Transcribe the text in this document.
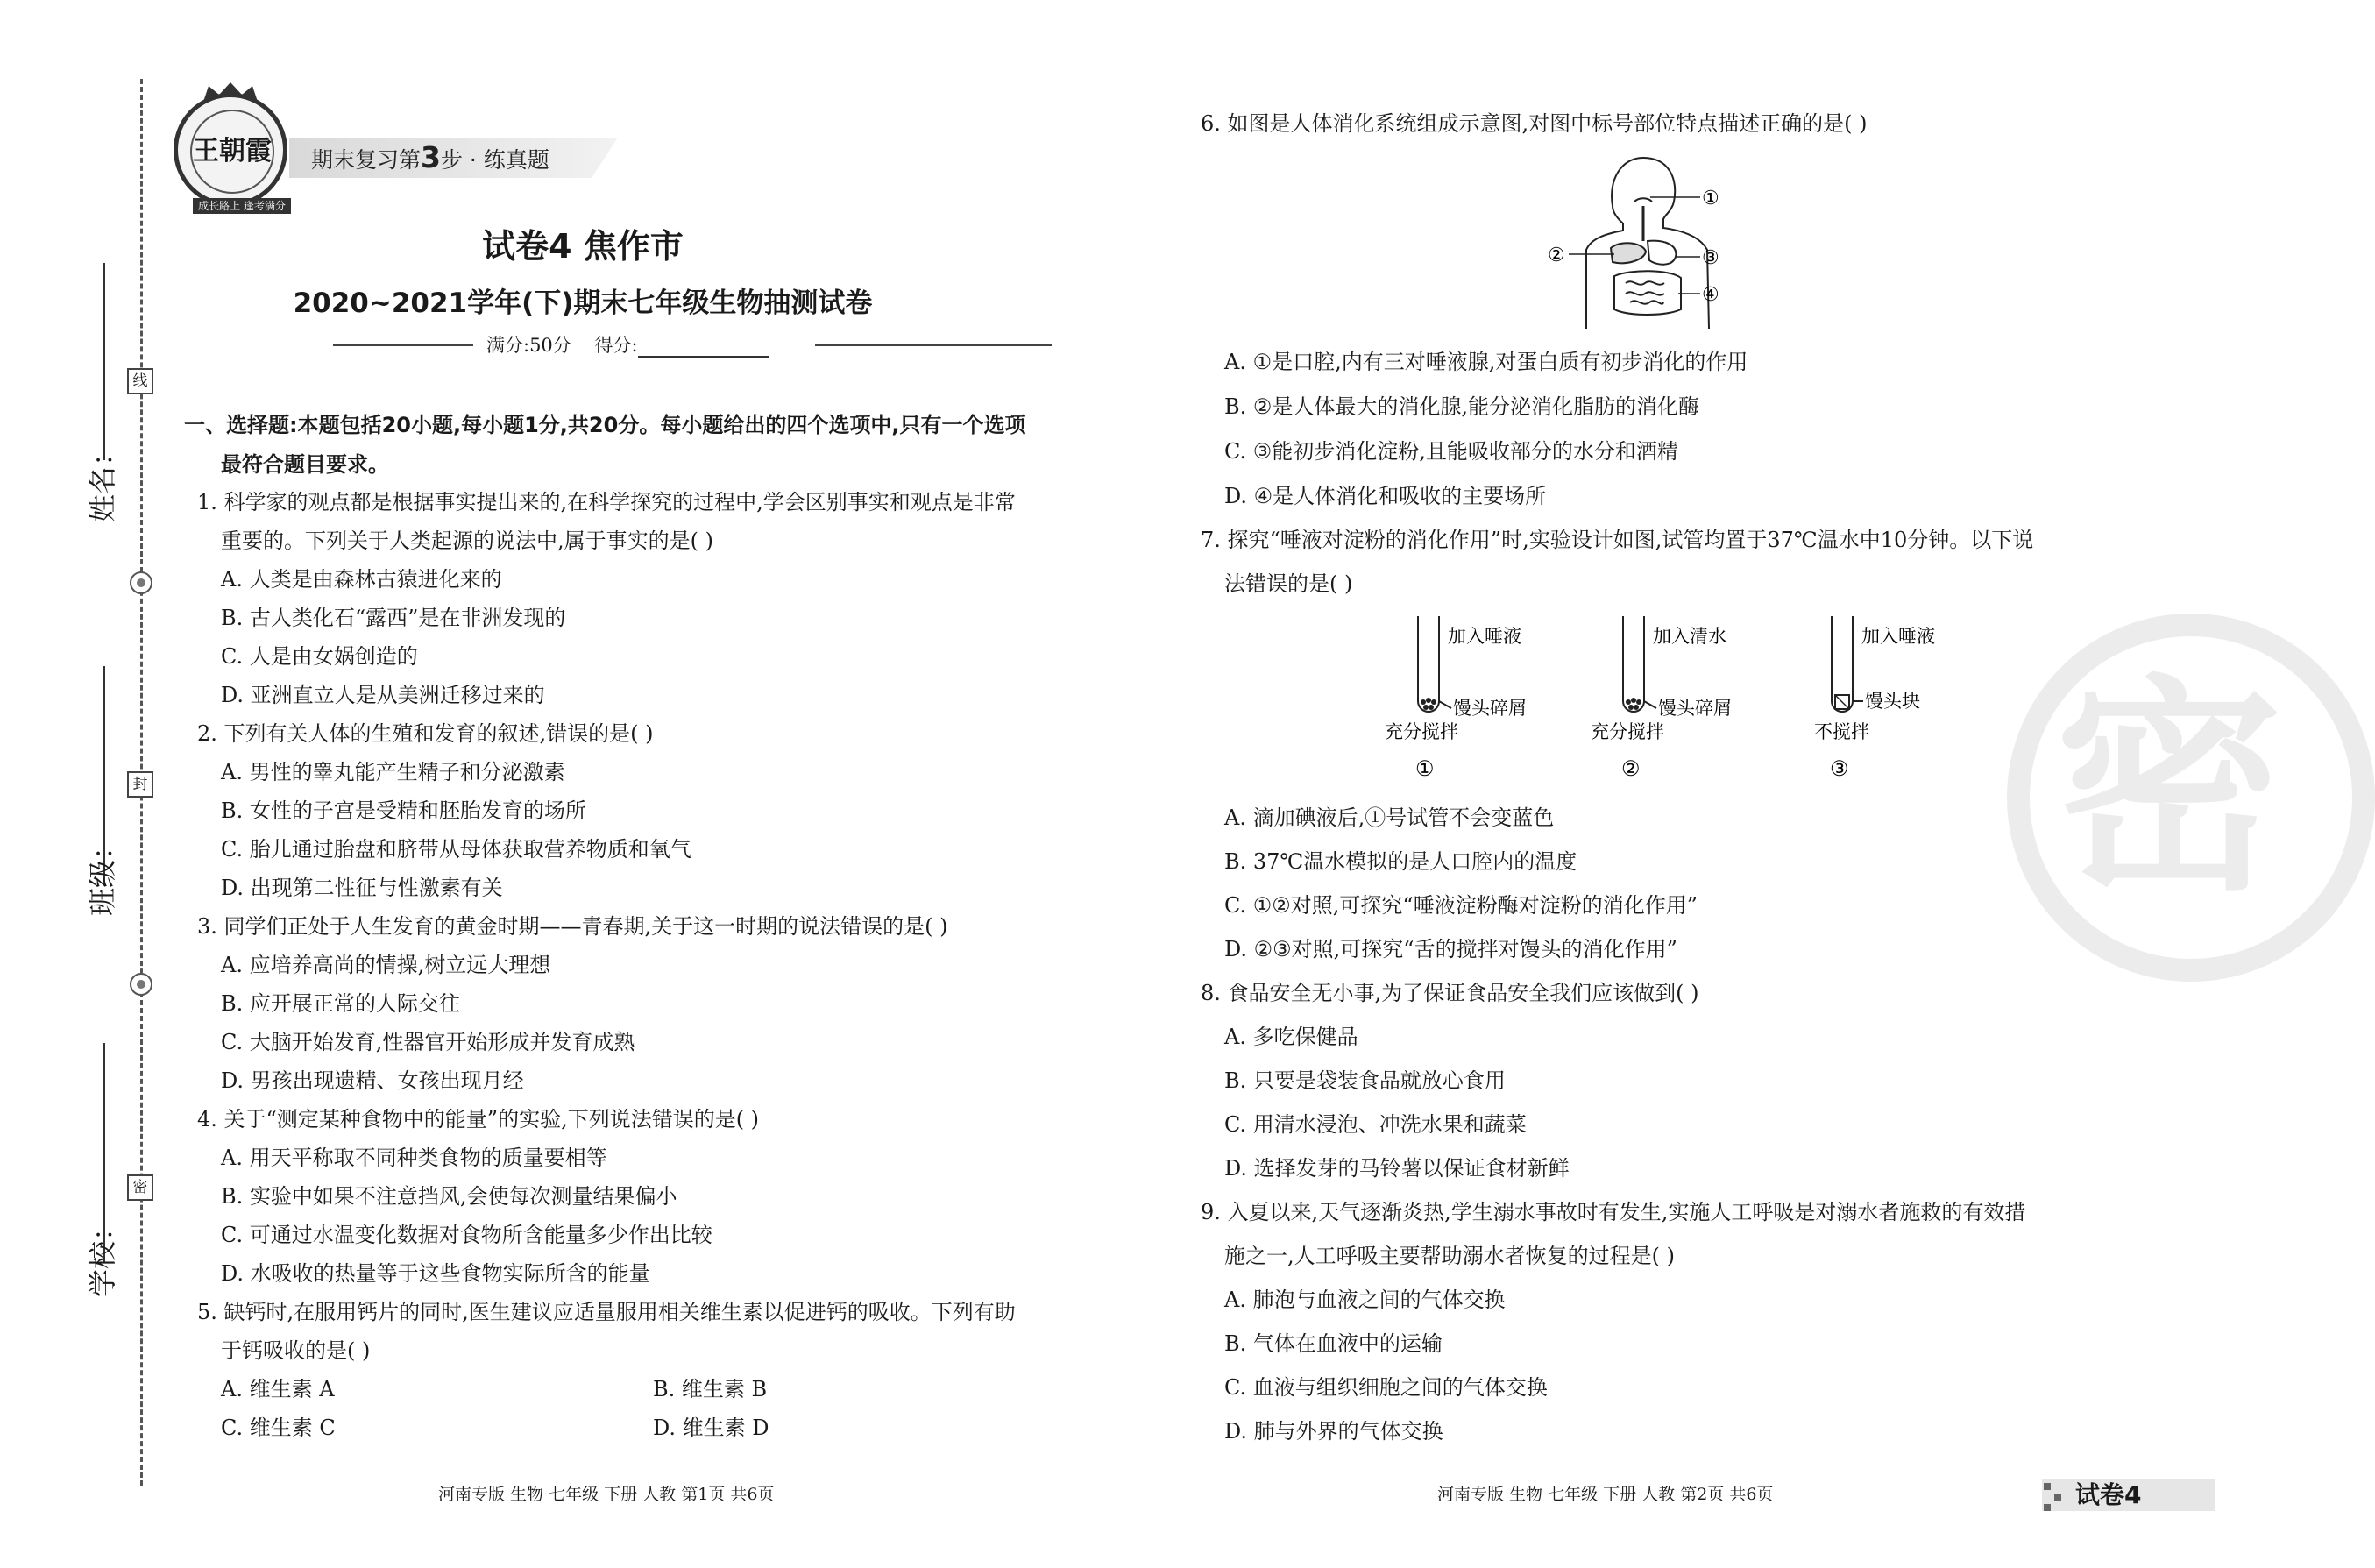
线
封
密
姓名：
班级：
学校：
王朝霞
成长路上 逢考满分
期末复习第3步 · 练真题
试卷4 焦作市
2020~2021学年(下)期末七年级生物抽测试卷
满分:50分 得分:
一、选择题:本题包括20小题,每小题1分,共20分。每小题给出的四个选项中,只有一个选项
最符合题目要求。
1. 科学家的观点都是根据事实提出来的,在科学探究的过程中,学会区别事实和观点是非常
重要的。下列关于人类起源的说法中,属于事实的是( )
A. 人类是由森林古猿进化来的
B. 古人类化石“露西”是在非洲发现的
C. 人是由女娲创造的
D. 亚洲直立人是从美洲迁移过来的
2. 下列有关人体的生殖和发育的叙述,错误的是( )
A. 男性的睾丸能产生精子和分泌激素
B. 女性的子宫是受精和胚胎发育的场所
C. 胎儿通过胎盘和脐带从母体获取营养物质和氧气
D. 出现第二性征与性激素有关
3. 同学们正处于人生发育的黄金时期——青春期,关于这一时期的说法错误的是( )
A. 应培养高尚的情操,树立远大理想
B. 应开展正常的人际交往
C. 大脑开始发育,性器官开始形成并发育成熟
D. 男孩出现遗精、女孩出现月经
4. 关于“测定某种食物中的能量”的实验,下列说法错误的是( )
A. 用天平称取不同种类食物的质量要相等
B. 实验中如果不注意挡风,会使每次测量结果偏小
C. 可通过水温变化数据对食物所含能量多少作出比较
D. 水吸收的热量等于这些食物实际所含的能量
5. 缺钙时,在服用钙片的同时,医生建议应适量服用相关维生素以促进钙的吸收。下列有助
于钙吸收的是( )
A. 维生素 A	B. 维生素 B
C. 维生素 C	D. 维生素 D
河南专版 生物 七年级 下册 人教 第1页 共6页
密
6. 如图是人体消化系统组成示意图,对图中标号部位特点描述正确的是( )
①
②	③
④
A. ①是口腔,内有三对唾液腺,对蛋白质有初步消化的作用
B. ②是人体最大的消化腺,能分泌消化脂肪的消化酶
C. ③能初步消化淀粉,且能吸收部分的水分和酒精
D. ④是人体消化和吸收的主要场所
7. 探究“唾液对淀粉的消化作用”时,实验设计如图,试管均置于37℃温水中10分钟。以下说
法错误的是( )
加入唾液
馒头碎屑
充分搅拌
①
加入清水
馒头碎屑
充分搅拌
②
加入唾液
馒头块
不搅拌
③
A. 滴加碘液后,①号试管不会变蓝色
B. 37℃温水模拟的是人口腔内的温度
C. ①②对照,可探究“唾液淀粉酶对淀粉的消化作用”
D. ②③对照,可探究“舌的搅拌对馒头的消化作用”
8. 食品安全无小事,为了保证食品安全我们应该做到( )
A. 多吃保健品
B. 只要是袋装食品就放心食用
C. 用清水浸泡、冲洗水果和蔬菜
D. 选择发芽的马铃薯以保证食材新鲜
9. 入夏以来,天气逐渐炎热,学生溺水事故时有发生,实施人工呼吸是对溺水者施救的有效措
施之一,人工呼吸主要帮助溺水者恢复的过程是( )
A. 肺泡与血液之间的气体交换
B. 气体在血液中的运输
C. 血液与组织细胞之间的气体交换
D. 肺与外界的气体交换
河南专版 生物 七年级 下册 人教 第2页 共6页	试卷4
